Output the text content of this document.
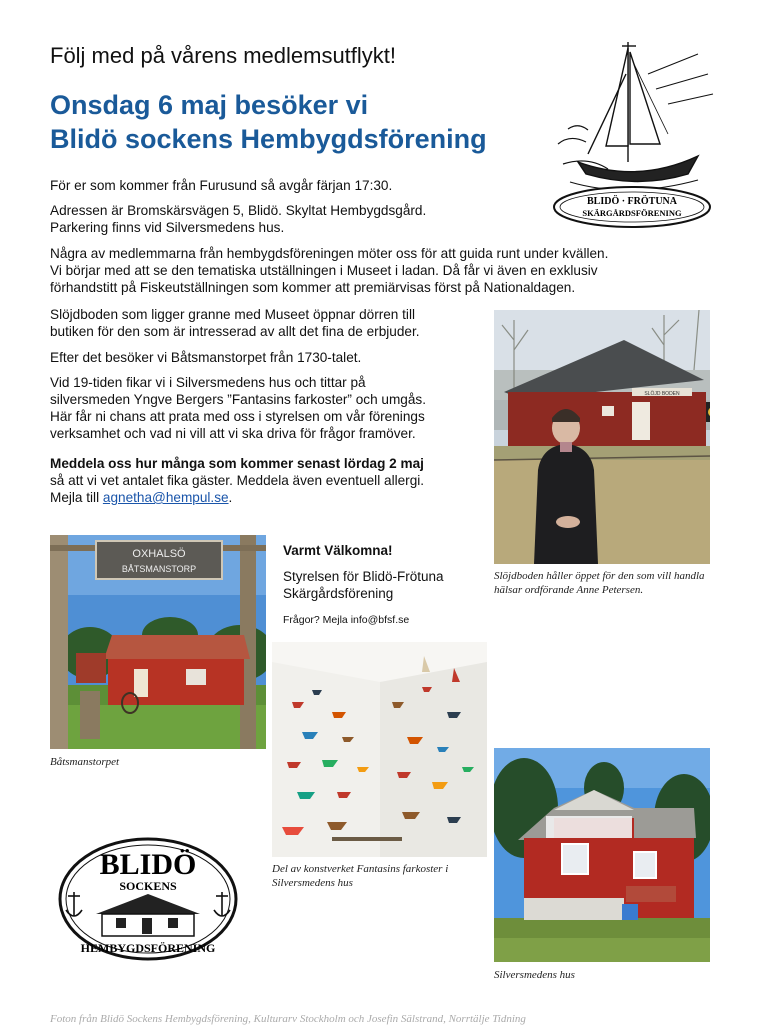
Följ med på vårens medlemsutflykt!
Onsdag 6 maj besöker vi
Blidö sockens Hembygdsförening
BLIDÖ · FRÖTUNA
SKÄRGÅRDSFÖRENING

För er som kommer från Furusund så avgår färjan 17:30.

Adressen är Bromskärsvägen 5, Blidö. Skyltat Hembygdsgård.
Parkering finns vid Silversmedens hus.

Några av medlemmarna från hembygdsföreningen möter oss för att guida runt under kvällen.
Vi börjar med att se den tematiska utställningen i Museet i ladan. Då får vi även en exklusiv
förhandstitt på Fiskeutställningen som kommer att premiärvisas först på Nationaldagen.

Slöjdboden som ligger granne med Museet öppnar dörren till
butiken för den som är intresserad av allt det fina de erbjuder.

Efter det besöker vi Båtsmanstorpet från 1730-talet.

Vid 19-tiden fikar vi i Silversmedens hus och tittar på
silversmeden Yngve Bergers ”Fantasins farkoster” och umgås.
Här får ni chans att prata med oss i styrelsen om vår förenings
verksamhet och vad ni vill att vi ska driva för frågor framöver.

Meddela oss hur många som kommer senast lördag 2 maj
så att vi vet antalet fika gäster. Meddela även eventuell allergi.
Mejla till agnetha@hempul.se.

SLÖJD BODEN
Slöjdboden håller öppet för den som vill handla hälsar ordförande Anne Petersen.
OXHALSÖ
BÅTSMANSTORP
Båtsmanstorpet
Varmt Välkomna!
Styrelsen för Blidö-Frötuna Skärgårdsförening
Frågor? Mejla info@bfsf.se
Del av konstverket Fantasins farkoster i Silversmedens hus
Silversmedens hus
BLIDÖ
SOCKENS
HEMBYGDSFÖRENING
Foton från Blidö Sockens Hembygdsförening, Kulturarv Stockholm och Josefin Sälstrand, Norrtälje Tidning
